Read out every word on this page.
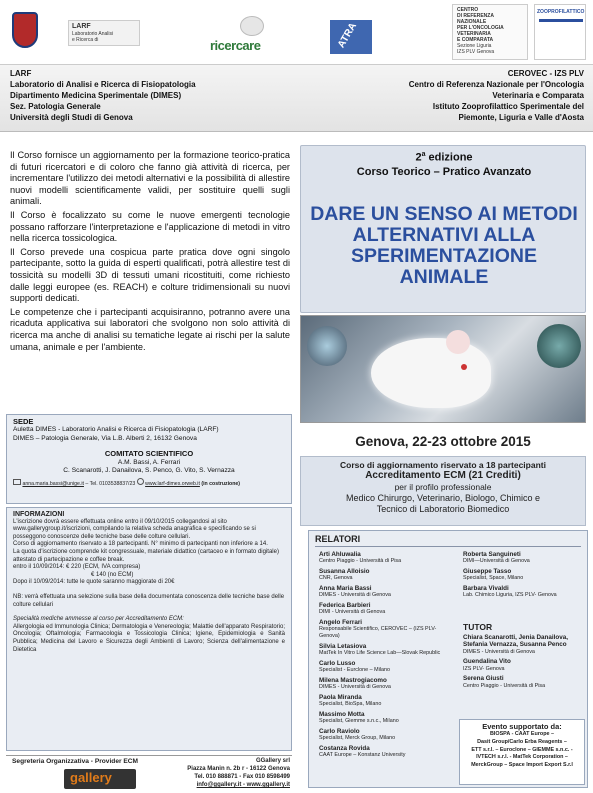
LARF
Laboratorio Analisi
e Ricerca di	ricercare	ATRA
CENTRO
DI REFERENZA
NAZIONALE
PER L'ONCOLOGIA
VETERINARIA
E COMPARATA
Sezione Liguria
IZS PLV Genova
ZOOPROFILATTICO
LARF
Laboratorio di Analisi e Ricerca di Fisiopatologia
Dipartimento Medicina Sperimentale (DIMES)
Sez. Patologia Generale
Università degli Studi di Genova
CEROVEC - IZS PLV
Centro di Referenza Nazionale per l'Oncologia
Veterinaria e Comparata
Istituto Zooprofilattico Sperimentale del
Piemonte, Liguria e Valle d'Aosta

Il Corso fornisce un aggiornamento per la formazione teorico-pratica di futuri ricercatori e di coloro che fanno già attività di ricerca, per incrementare l'utilizzo dei metodi alternativi e la possibilità di allestire nuovi modelli scientificamente validi, per sostituire quelli sugli animali.

Il Corso è focalizzato su come le nuove emergenti tecnologie possano rafforzare l'interpretazione e l'applicazione di metodi in vitro nella ricerca tossicologica.

Il Corso prevede una cospicua parte pratica dove ogni singolo partecipante, sotto la guida di esperti qualificati, potrà allestire test di tossicità su modelli 3D di tessuti umani ricostituiti, come richiesto dalle leggi europee (es. REACH) e colture tridimensionali su nuovi supporti dedicati.

Le competenze che i partecipanti acquisiranno, potranno avere una ricaduta applicativa sui laboratori che svolgono non solo attività di ricerca ma anche di analisi su tematiche legate ai rischi per la salute umana, animale e per l'ambiente.

2$^a$ edizione
Corso Teorico – Pratico Avanzato
DARE UN SENSO AI METODI ALTERNATIVI ALLA SPERIMENTAZIONE ANIMALE
Genova, 22-23 ottobre 2015
Corso di aggiornamento riservato a 18 partecipanti
Accreditamento ECM (21 Crediti)
per il profilo professionale
Medico Chirurgo, Veterinario, Biologo, Chimico e
Tecnico di Laboratorio Biomedico
SEDE
Auletta DIMES - Laboratorio Analisi e Ricerca di Fisiopatologia (LARF)
DIMES – Patologia Generale, Via L.B. Alberti 2, 16132 Genova
COMITATO SCIENTIFICO
A.M. Bassi, A. Ferrari
C. Scanarotti, J. Danailova, S. Penco, G. Vito, S. Vernazza
anna.maria.bassi@unige.it – Tel. 0103538837/23 www.larf-dimes.orweb.it (in costruzione)
INFORMAZIONI
L'iscrizione dovrà essere effettuata online entro il 09/10/2015 collegandosi al sito www.gallerygroup.it/iscrizioni, compilando la relativa scheda anagrafica e specificando se si posseggono conoscenze delle tecniche base delle colture cellulari.
Corso di aggiornamento riservato a 18 partecipanti. N° minimo di partecipanti non inferiore a 14.
La quota d'iscrizione comprende kit congressuale, materiale didattico (cartaceo e in formato digitale) attestato di partecipazione e coffee break.
entro il 10/09/2014: € 220 (ECM, IVA compresa)
€ 140 (no ECM)
Dopo il 10/09/2014: tutte le quote saranno maggiorate di 20€
NB: verrà effettuata una selezione sulla base della documentata conoscenza delle tecniche base delle colture cellulari
Specialità mediche ammesse al corso per Accreditamento ECM:
Allergologia ed Immunologia Clinica; Dermatologia e Venereologia; Malattie dell'apparato Respiratorio; Oncologia; Oftalmologia; Farmacologia e Tossicologia Clinica; Igiene, Epidemiologia e Sanità Pubblica; Medicina del Lavoro e Sicurezza degli Ambienti di Lavoro; Scienza dell'alimentazione e Dietetica
Segreteria Organizzativa - Provider ECM
gallery
GGallery srl
Piazza Manin n. 2b r - 16122 Genova
Tel. 010 888871 - Fax 010 8598499
info@ggallery.it - www.ggallery.it
RELATORI
Arti Ahluwalia
Centro Piaggio - Università di Pisa
Susanna Alloisio
CNR, Genova
Anna Maria Bassi
DIMES - Università di Genova
Federica Barbieri
DIMI - Università di Genova
Angelo Ferrari
Responsabile Scientifico, CEROVEC – (IZS PLV-Genova)
Silvia Letasiova
MatTek In Vitro Life Science Lab—Slovak Republic
Carlo Lusso
Specialist - Eurclone – Milano
Milena Mastrogiacomo
DIMES - Università di Genova
Paola Miranda
Specialist, BioSpa, Milano
Massimo Motta
Specialist, Giemme s.n.c., Milano
Carlo Raviolo
Specialist, Merck Group, Milano
Costanza Rovida
CAAT Europe – Konstanz University
Roberta Sanguineti
DIMI—Università di Genova
Giuseppe Tasso
Specialist, Space, Milano
Barbara Vivaldi
Lab. Chimico Liguria, IZS PLV- Genova
TUTOR
Chiara Scanarotti, Jenia Danailova, Stefania Vernazza, Susanna Penco
DIMES - Università di Genova
Guendalina Vito
IZS PLV- Genova
Serena Giusti
Centro Piaggio - Università di Pisa
Evento supportato da:
BIOSPA - CAAT Europe –
Dasit Group/Carlo Erba Reagents –
ETT s.r.l. – Euroclone – GIEMME s.n.c. -
IVTECH s.r.l. - MatTek Corporation –
MerckGroup – Space Import Export S.r.l
